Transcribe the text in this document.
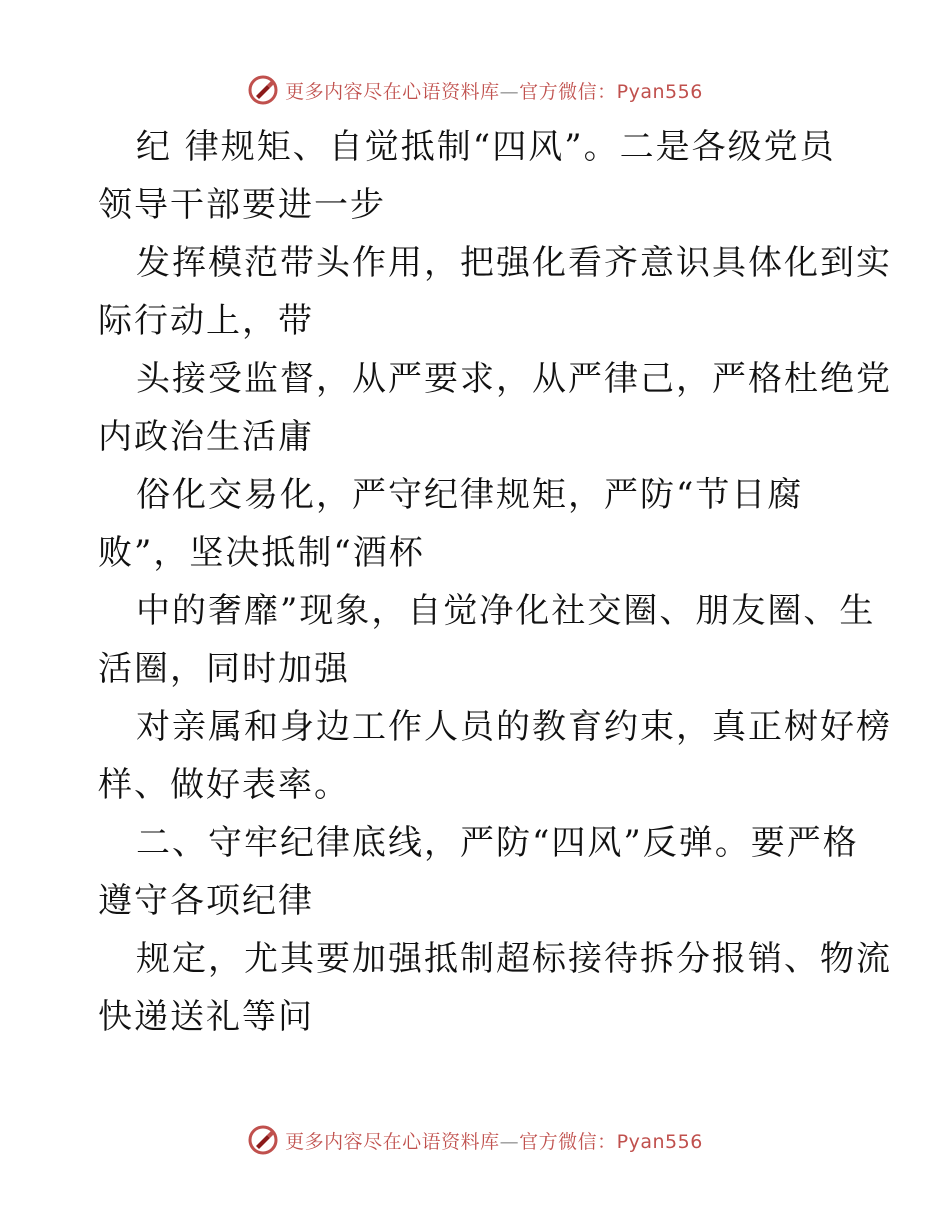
更多内容尽在心语资料库—官方微信：Pyan556
纪 律规矩、自觉抵制“四风”。二是各级党员
领导干部要进一步
发挥模范带头作用，把强化看齐意识具体化到实
际行动上，带
头接受监督，从严要求，从严律己，严格杜绝党
内政治生活庸
俗化交易化，严守纪律规矩，严防“节日腐
败”，坚决抵制“酒杯
中的奢靡”现象，自觉净化社交圈、朋友圈、生
活圈，同时加强
对亲属和身边工作人员的教育约束，真正树好榜
样、做好表率。
二、守牢纪律底线，严防“四风”反弹。要严格
遵守各项纪律
规定，尤其要加强抵制超标接待拆分报销、物流
快递送礼等问
更多内容尽在心语资料库—官方微信：Pyan556
